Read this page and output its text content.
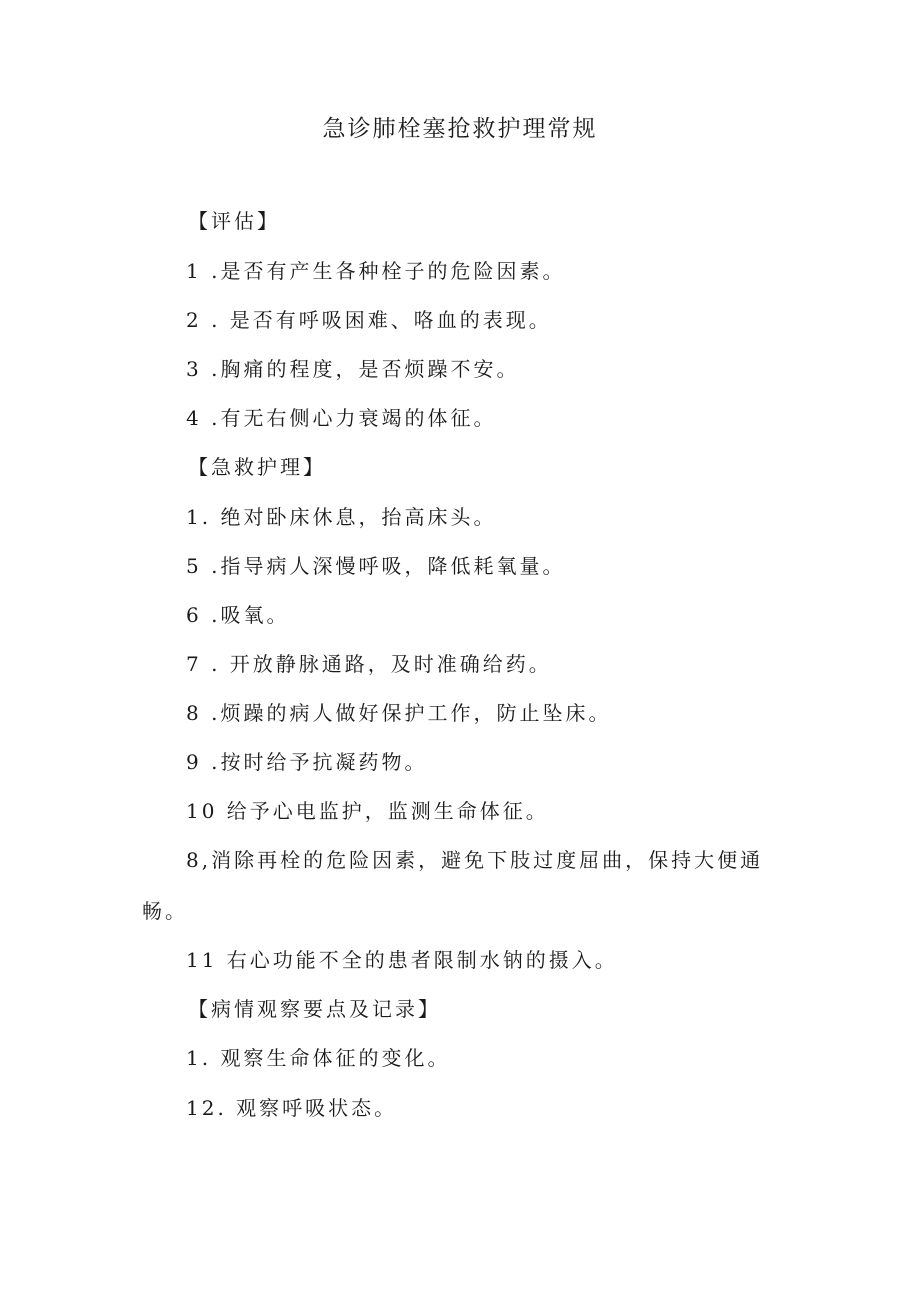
急诊肺栓塞抢救护理常规
【评估】
1 .是否有产生各种栓子的危险因素。
2 . 是否有呼吸困难、咯血的表现。
3 .胸痛的程度，是否烦躁不安。
4 .有无右侧心力衰竭的体征。
【急救护理】
1. 绝对卧床休息，抬高床头。
5 .指导病人深慢呼吸，降低耗氧量。
6 .吸氧。
7 . 开放静脉通路，及时准确给药。
8 .烦躁的病人做好保护工作，防止坠床。
9 .按时给予抗凝药物。
10 给予心电监护，监测生命体征。
8,消除再栓的危险因素，避免下肢过度屈曲，保持大便通
畅。
11 右心功能不全的患者限制水钠的摄入。
【病情观察要点及记录】
1. 观察生命体征的变化。
12. 观察呼吸状态。
